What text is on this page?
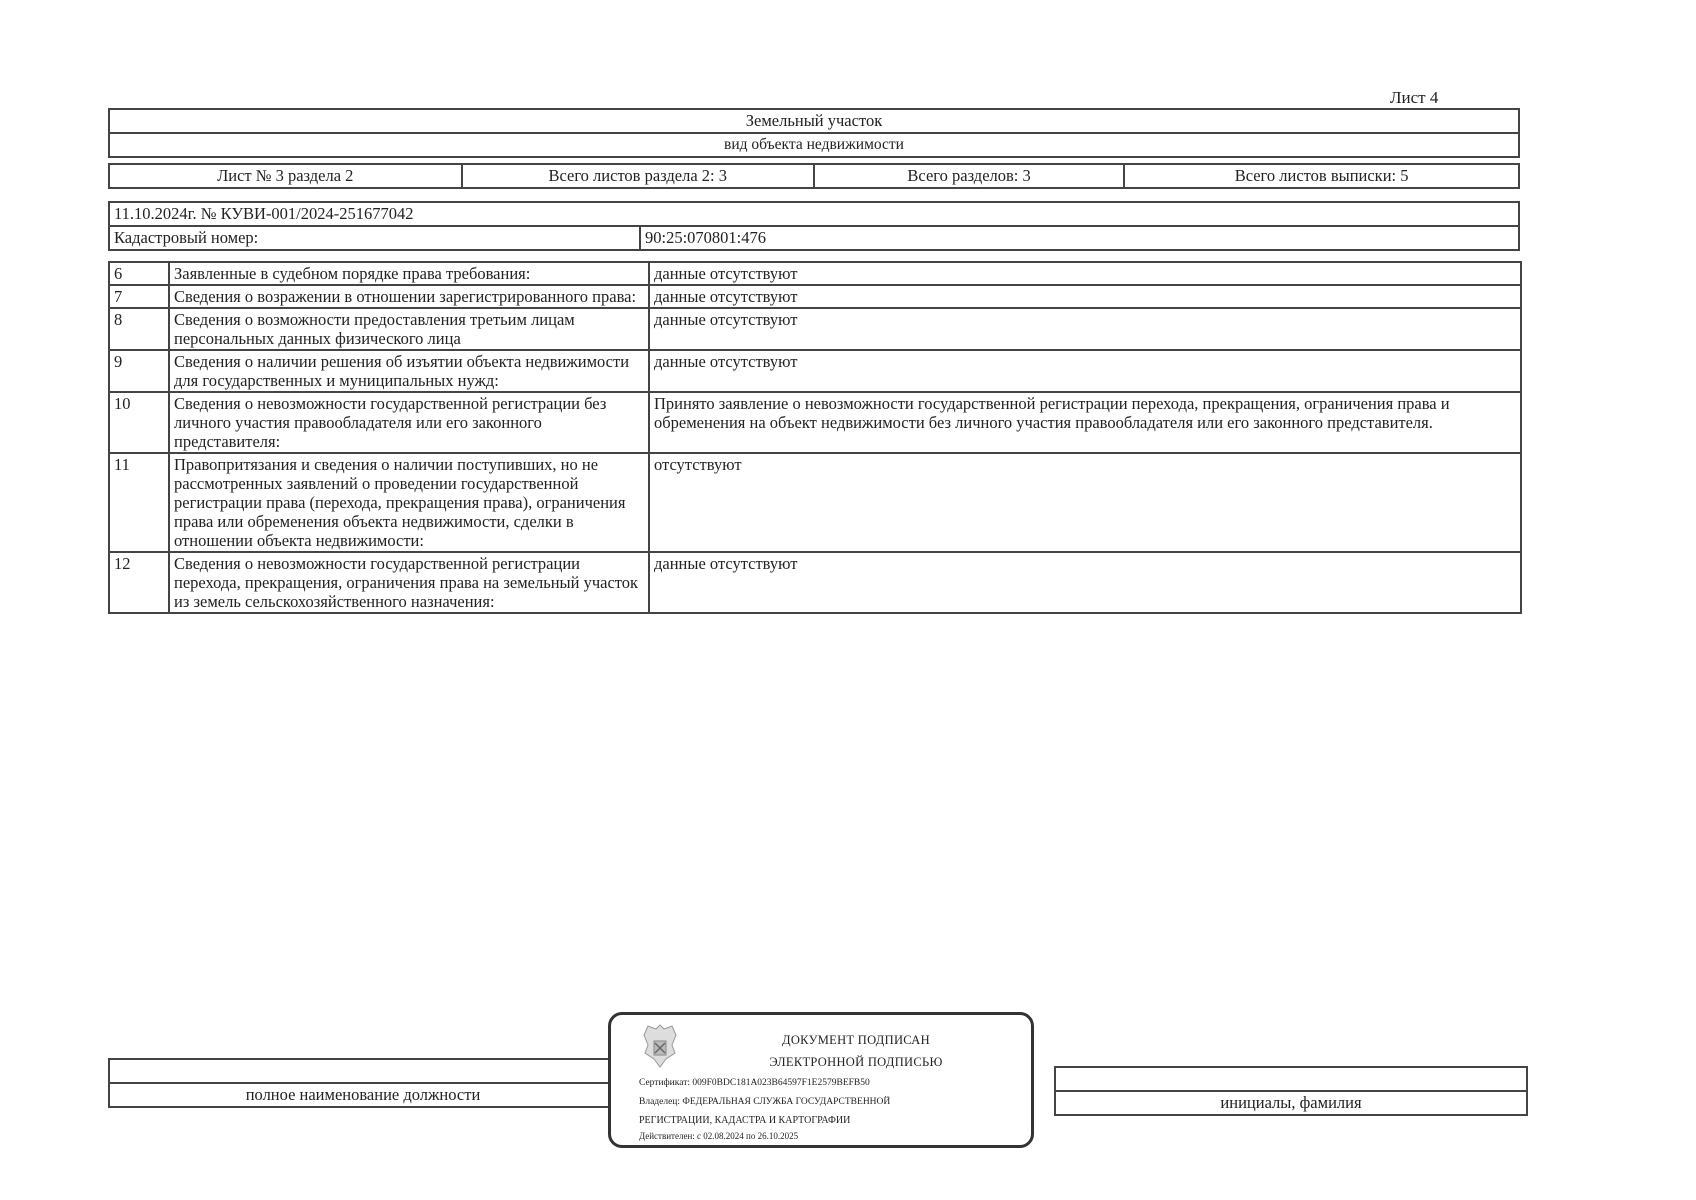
Лист 4
Земельный участок
вид объекта недвижимости
Лист № 3 раздела 2	Всего листов раздела 2: 3	Всего разделов: 3	Всего листов выписки: 5
11.10.2024г. № КУВИ-001/2024-251677042
Кадастровый номер:	90:25:070801:476
6	Заявленные в судебном порядке права требования:	данные отсутствуют
7	Сведения о возражении в отношении зарегистрированного права:	данные отсутствуют
8	Сведения о возможности предоставления третьим лицам персональных данных физического лица	данные отсутствуют
9	Сведения о наличии решения об изъятии объекта недвижимости для государственных и муниципальных нужд:	данные отсутствуют
10	Сведения о невозможности государственной регистрации без личного участия правообладателя или его законного представителя:	Принято заявление о невозможности государственной регистрации перехода, прекращения, ограничения права и обременения на объект недвижимости без личного участия правообладателя или его законного представителя.
11	Правопритязания и сведения о наличии поступивших, но не рассмотренных заявлений о проведении государственной регистрации права (перехода, прекращения права), ограничения права или обременения объекта недвижимости, сделки в отношении объекта недвижимости:	отсутствуют
12	Сведения о невозможности государственной регистрации перехода, прекращения, ограничения права на земельный участок из земель сельскохозяйственного назначения:	данные отсутствуют
полное наименование должности	инициалы, фамилия
ДОКУМЕНТ ПОДПИСАН
ЭЛЕКТРОННОЙ ПОДПИСЬЮ
Сертификат: 009F0BDC181A023B64597F1E2579BEFB50
Владелец: ФЕДЕРАЛЬНАЯ СЛУЖБА ГОСУДАРСТВЕННОЙ
РЕГИСТРАЦИИ, КАДАСТРА И КАРТОГРАФИИ
Действителен: с 02.08.2024 по 26.10.2025
